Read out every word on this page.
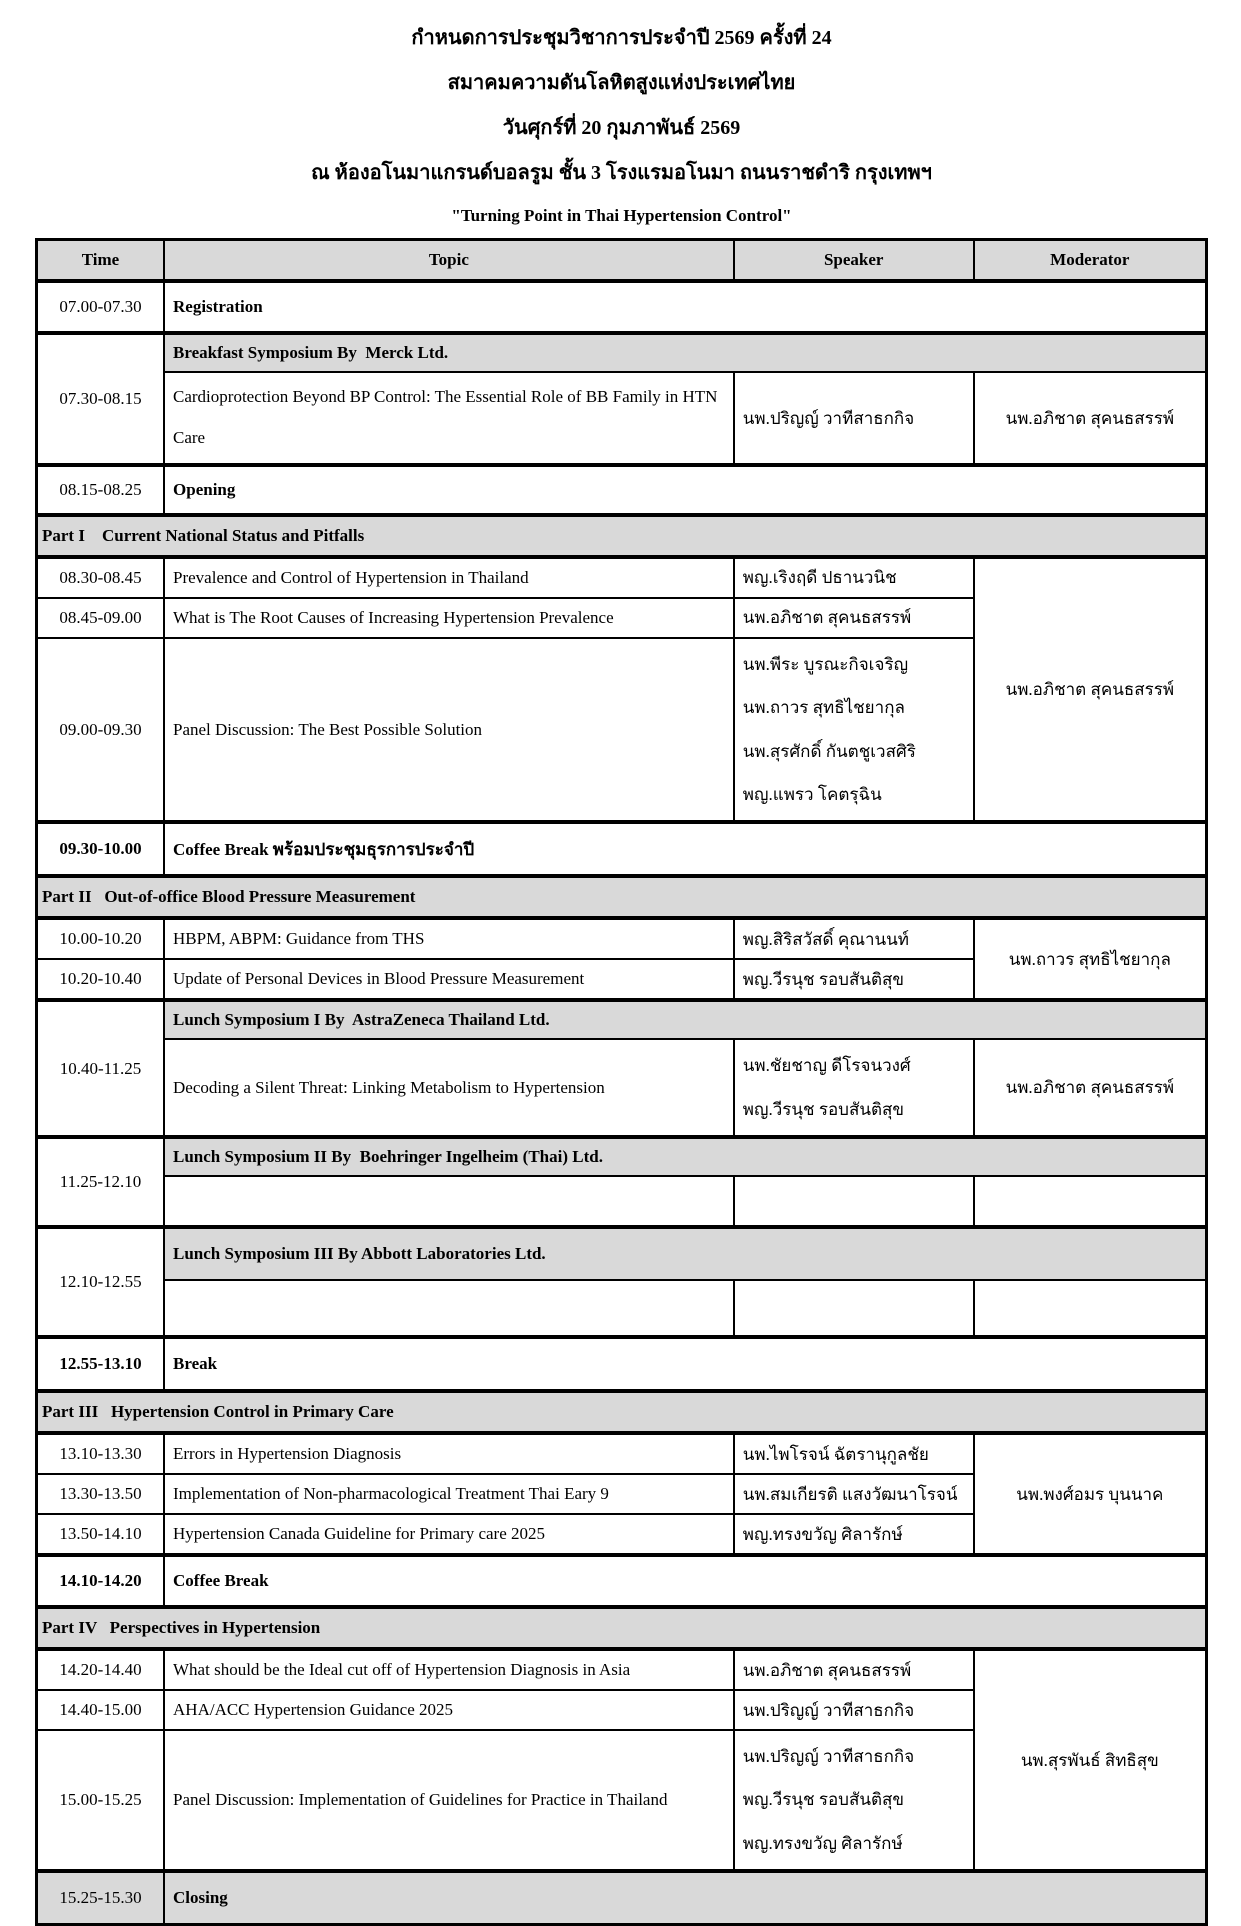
กำหนดการประชุมวิชาการประจำปี 2569 ครั้งที่ 24

สมาคมความดันโลหิตสูงแห่งประเทศไทย

วันศุกร์ที่ 20 กุมภาพันธ์ 2569

ณ ห้องอโนมาแกรนด์บอลรูม ชั้น 3 โรงแรมอโนมา ถนนราชดำริ กรุงเทพฯ

"Turning Point in Thai Hypertension Control"

Time	Topic	Speaker	Moderator
07.00-07.30	Registration		
07.30-08.15	Breakfast Symposium By  Merck Ltd.		
	Cardioprotection Beyond BP Control: The Essential Role of BB Family in HTN Care	นพ.ปริญญ์ วาทีสาธกกิจ	นพ.อภิชาต สุคนธสรรพ์
08.15-08.25	Opening		
Part I    Current National Status and Pitfalls			
08.30-08.45	Prevalence and Control of Hypertension in Thailand	พญ.เริงฤดี ปธานวนิช	นพ.อภิชาต สุคนธสรรพ์
08.45-09.00	What is The Root Causes of Increasing Hypertension Prevalence	นพ.อภิชาต สุคนธสรรพ์	
09.00-09.30	Panel Discussion: The Best Possible Solution	นพ.พีระ บูรณะกิจเจริญ
นพ.ถาวร สุทธิไชยากุล
นพ.สุรศักดิ์ กันตชูเวสศิริ
พญ.แพรว โคตรุฉิน	

09.30-10.00	Coffee Break พร้อมประชุมธุรการประจำปี		
Part II   Out-of-office Blood Pressure Measurement			
10.00-10.20	HBPM, ABPM: Guidance from THS	พญ.สิริสวัสดิ์ คุณานนท์	นพ.ถาวร สุทธิไชยากุล
10.20-10.40	Update of Personal Devices in Blood Pressure Measurement	พญ.วีรนุช รอบสันติสุข	
10.40-11.25	Lunch Symposium I By  AstraZeneca Thailand Ltd.		
	Decoding a Silent Threat: Linking Metabolism to Hypertension	นพ.ชัยชาญ ดีโรจนวงศ์
พญ.วีรนุช รอบสันติสุข	นพ.อภิชาต สุคนธสรรพ์
11.25-12.10	Lunch Symposium II By  Boehringer Ingelheim (Thai) Ltd.		

12.10-12.55	Lunch Symposium III By Abbott Laboratories Ltd.		

12.55-13.10	Break		
Part III   Hypertension Control in Primary Care			
13.10-13.30	Errors in Hypertension Diagnosis	นพ.ไพโรจน์ ฉัตรานุกูลชัย	นพ.พงศ์อมร บุนนาค
13.30-13.50	Implementation of Non-pharmacological Treatment Thai Eary 9	นพ.สมเกียรติ แสงวัฒนาโรจน์	
13.50-14.10	Hypertension Canada Guideline for Primary care 2025	พญ.ทรงขวัญ ศิลารักษ์	
14.10-14.20	Coffee Break		
Part IV   Perspectives in Hypertension			
14.20-14.40	What should be the Ideal cut off of Hypertension Diagnosis in Asia	นพ.อภิชาต สุคนธสรรพ์	นพ.สุรพันธ์ สิทธิสุข
14.40-15.00	AHA/ACC Hypertension Guidance 2025	นพ.ปริญญ์ วาทีสาธกกิจ	
15.00-15.25	Panel Discussion: Implementation of Guidelines for Practice in Thailand	นพ.ปริญญ์ วาทีสาธกกิจ
พญ.วีรนุช รอบสันติสุข
พญ.ทรงขวัญ ศิลารักษ์	

15.25-15.30	Closing		
